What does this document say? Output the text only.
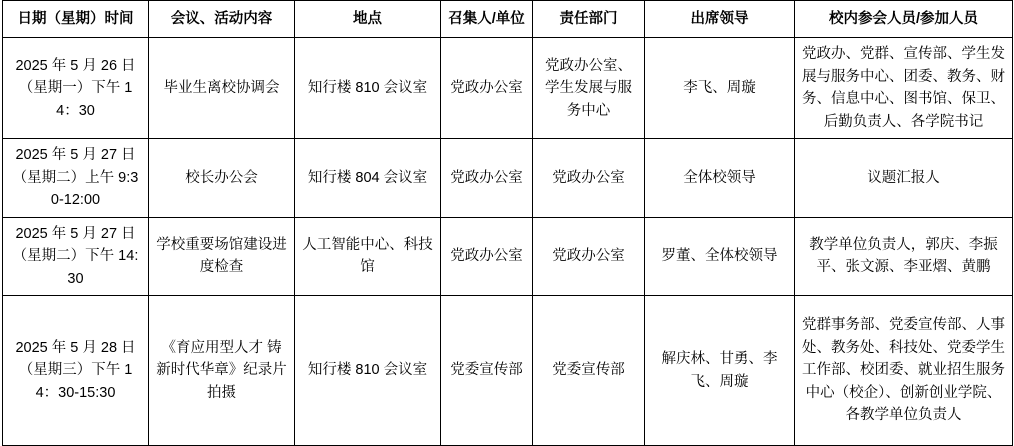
日期（星期）时间	会议、活动内容	地点	召集人/单位	责任部门	出席领导	校内参会人员/参加人员
2025 年 5 月 26 日（星期一）下午 14：30	毕业生离校协调会	知行楼 810 会议室	党政办公室	党政办公室、学生发展与服务中心	李飞、周璇	党政办、党群、宣传部、学生发展与服务中心、团委、教务、财务、信息中心、图书馆、保卫、后勤负责人、各学院书记
2025 年 5 月 27 日（星期二）上午 9:30-12:00	校长办公会	知行楼 804 会议室	党政办公室	党政办公室	全体校领导	议题汇报人
2025 年 5 月 27 日（星期二）下午 14:30	学校重要场馆建设进度检查	人工智能中心、科技馆	党政办公室	党政办公室	罗董、全体校领导	教学单位负责人，郭庆、李振平、张文源、李亚熠、黄鹏
2025 年 5 月 28 日（星期三）下午 14：30-15:30	《育应用型人才 铸新时代华章》纪录片拍摄	知行楼 810 会议室	党委宣传部	党委宣传部	解庆林、甘勇、李飞、周璇	党群事务部、党委宣传部、人事处、教务处、科技处、党委学生工作部、校团委、就业招生服务中心（校企）、创新创业学院、各教学单位负责人
